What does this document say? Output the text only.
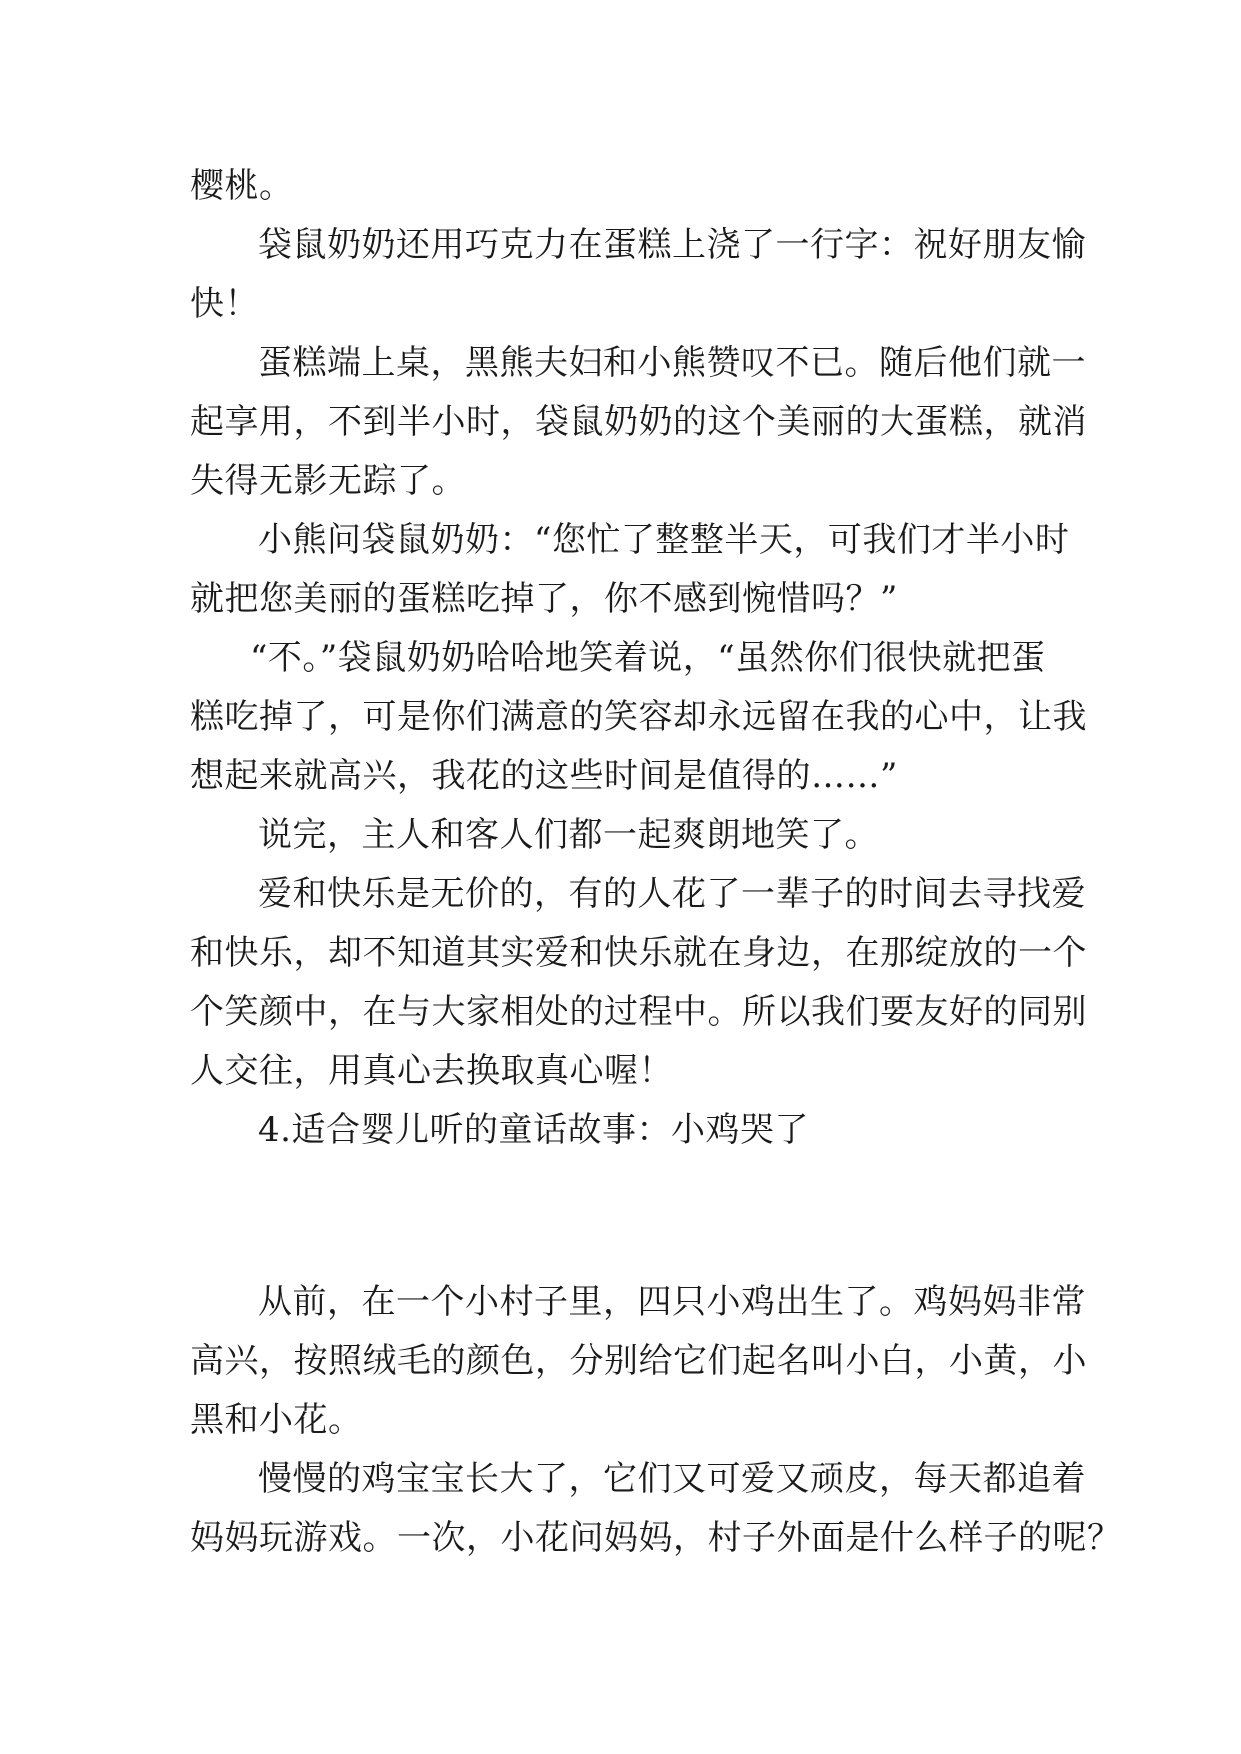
樱桃。

袋鼠奶奶还用巧克力在蛋糕上浇了一行字：祝好朋友愉

快！

蛋糕端上桌，黑熊夫妇和小熊赞叹不已。随后他们就一

起享用，不到半小时，袋鼠奶奶的这个美丽的大蛋糕，就消

失得无影无踪了。

小熊问袋鼠奶奶：“您忙了整整半天，可我们才半小时

就把您美丽的蛋糕吃掉了，你不感到惋惜吗？”

“不。”袋鼠奶奶哈哈地笑着说，“虽然你们很快就把蛋

糕吃掉了，可是你们满意的笑容却永远留在我的心中，让我

想起来就高兴，我花的这些时间是值得的……”

说完，主人和客人们都一起爽朗地笑了。

爱和快乐是无价的，有的人花了一辈子的时间去寻找爱

和快乐，却不知道其实爱和快乐就在身边，在那绽放的一个

个笑颜中，在与大家相处的过程中。所以我们要友好的同别

人交往，用真心去换取真心喔！

4.适合婴儿听的童话故事：小鸡哭了

从前，在一个小村子里，四只小鸡出生了。鸡妈妈非常

高兴，按照绒毛的颜色，分别给它们起名叫小白，小黄，小

黑和小花。

慢慢的鸡宝宝长大了，它们又可爱又顽皮，每天都追着

妈妈玩游戏。一次，小花问妈妈，村子外面是什么样子的呢？
